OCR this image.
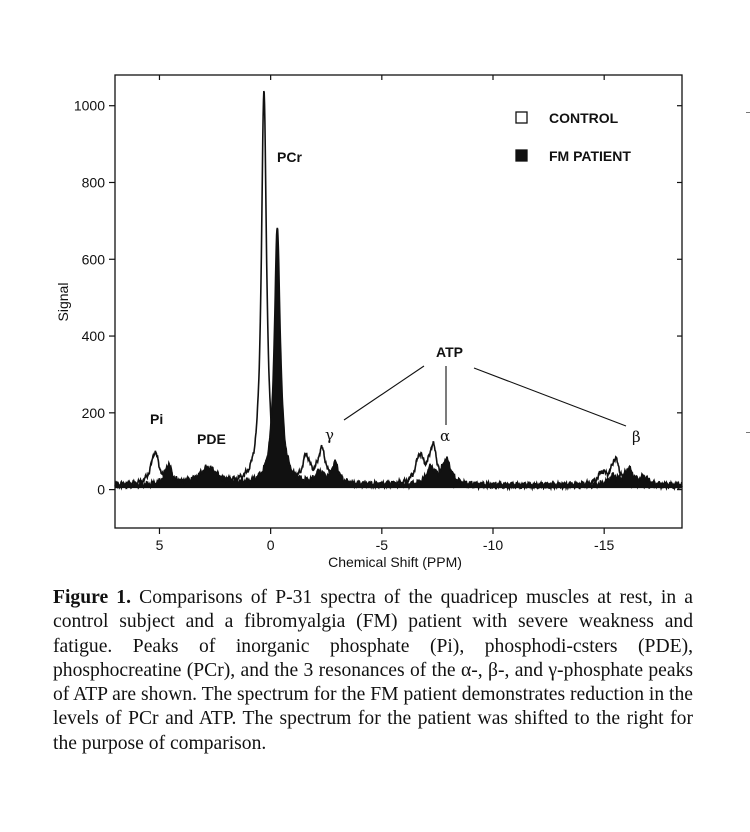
0
200
400
600
800
1000
5	0	-5	-10	-15
Chemical Shift (PPM)
Signal
CONTROL
FM PATIENT
PCr
Pi
PDE
ATP
γ	α	β

Figure 1. Comparisons of P-31 spectra of the quadricep muscles at rest, in a control subject and a fibromyalgia (FM) patient with severe weakness and fatigue. Peaks of inorganic phosphate (Pi), phosphodi-csters (PDE), phosphocreatine (PCr), and the 3 resonances of the α-, β-, and γ-phosphate peaks of ATP are shown. The spectrum for the FM patient demonstrates reduction in the levels of PCr and ATP. The spectrum for the patient was shifted to the right for the purpose of comparison.
